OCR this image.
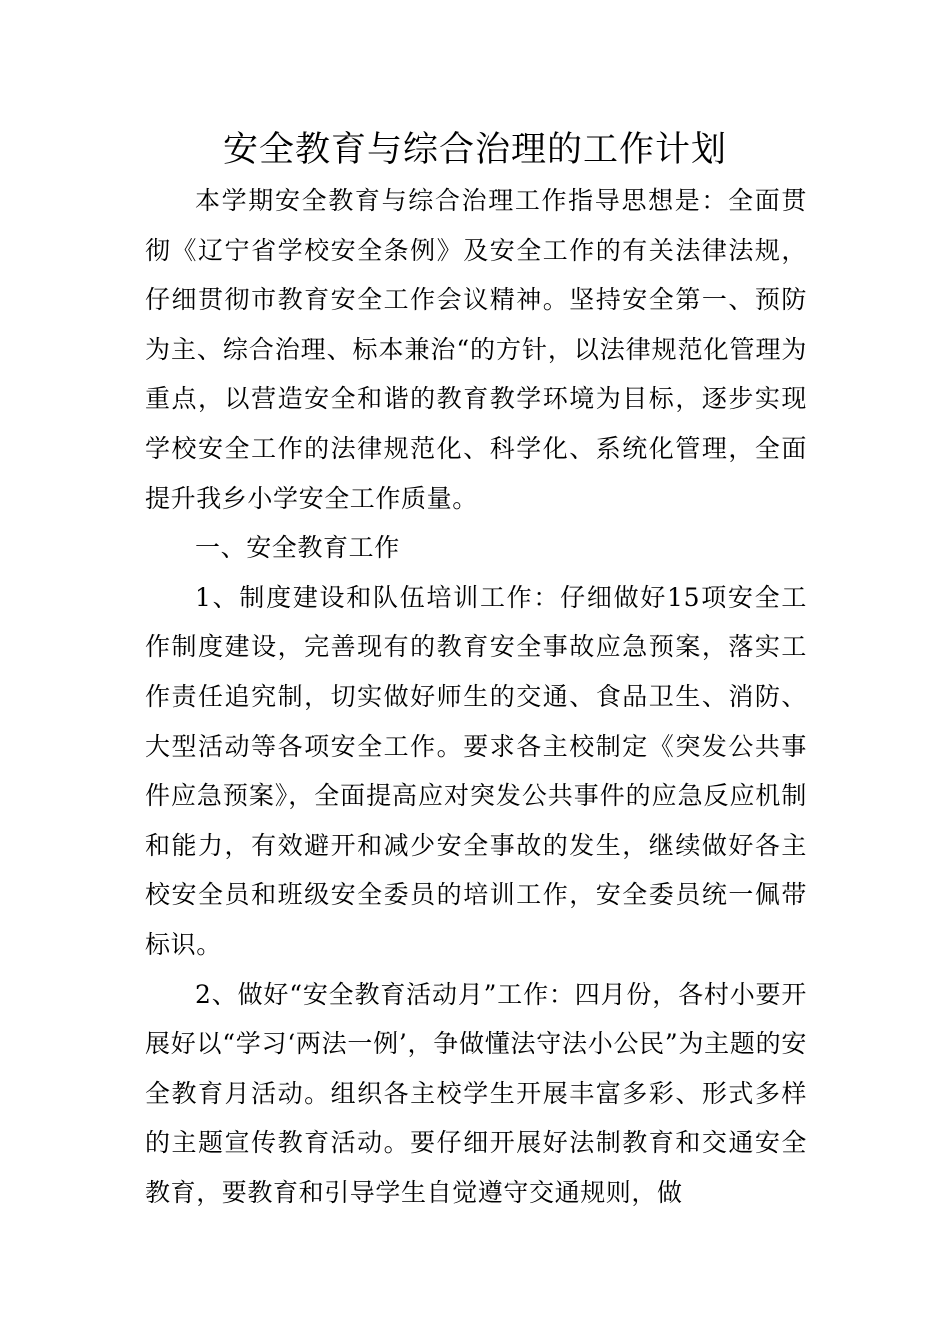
安全教育与综合治理的工作计划

本学期安全教育与综合治理工作指导思想是：全面贯彻《辽宁省学校安全条例》及安全工作的有关法律法规，仔细贯彻市教育安全工作会议精神。坚持安全第一、预防为主、综合治理、标本兼治“的方针，以法律规范化管理为重点，以营造安全和谐的教育教学环境为目标，逐步实现学校安全工作的法律规范化、科学化、系统化管理，全面提升我乡小学安全工作质量。

一、安全教育工作

1、制度建设和队伍培训工作：仔细做好15项安全工作制度建设，完善现有的教育安全事故应急预案，落实工作责任追究制，切实做好师生的交通、食品卫生、消防、大型活动等各项安全工作。要求各主校制定《突发公共事件应急预案》，全面提高应对突发公共事件的应急反应机制和能力，有效避开和减少安全事故的发生，继续做好各主校安全员和班级安全委员的培训工作，安全委员统一佩带标识。

2、做好“安全教育活动月”工作：四月份，各村小要开展好以“学习‘两法一例’，争做懂法守法小公民”为主题的安全教育月活动。组织各主校学生开展丰富多彩、形式多样的主题宣传教育活动。要仔细开展好法制教育和交通安全教育，要教育和引导学生自觉遵守交通规则，做
